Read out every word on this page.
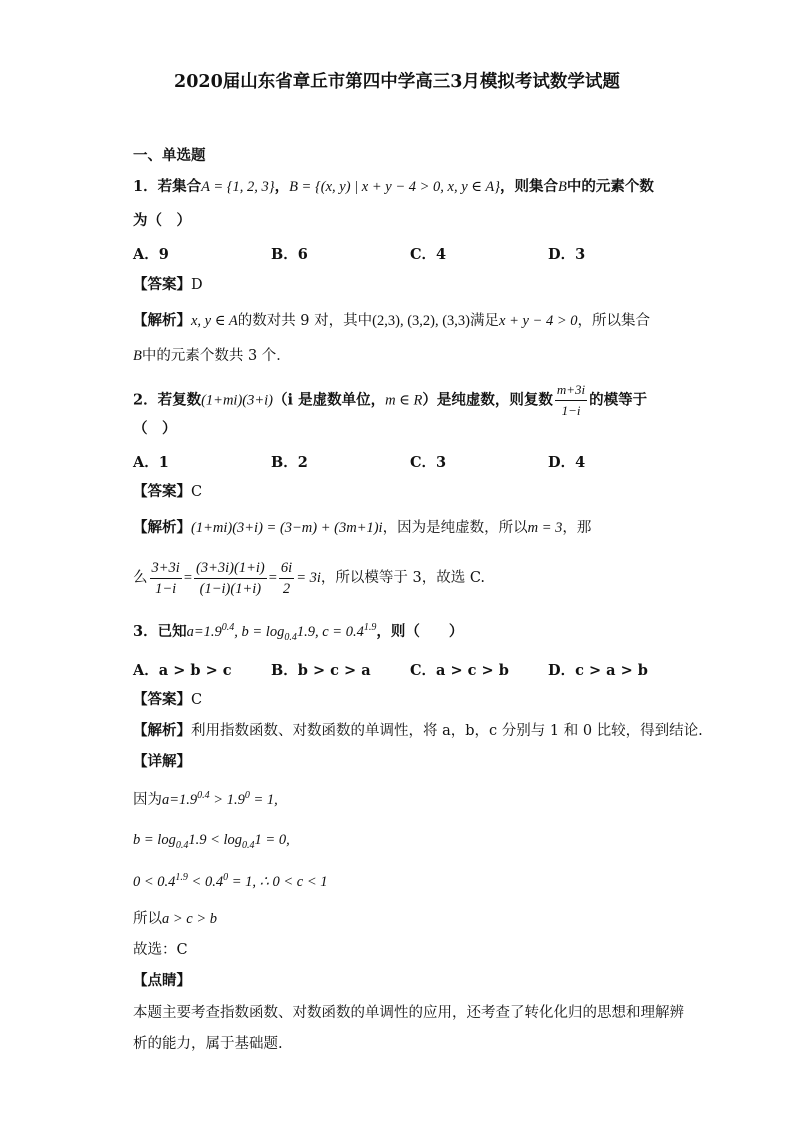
2020届山东省章丘市第四中学高三3月模拟考试数学试题
一、单选题
1．若集合A = {1, 2, 3}，B = {(x, y) | x + y − 4 > 0, x, y ∈ A}，则集合B中的元素个数
为（　）
A．9	B．6	C．4	D．3
【答案】D
【解析】x, y ∈ A的数对共 9 对，其中(2,3), (3,2), (3,3)满足x + y − 4 > 0，所以集合
B中的元素个数共 3 个．
2．若复数(1+mi)(3+i)（i 是虚数单位，m ∈ R）是纯虚数，则复数 $\frac{m+3i}{1-i}$ 的模等于
（　）
A．1	B．2	C．3	D．4
【答案】C
【解析】(1+mi)(3+i) = (3−m) + (3m+1)i，因为是纯虚数，所以m = 3，那
么 $\frac{3+3i}{1-i} = \frac{(3+3i)(1+i)}{(1-i)(1+i)} = \frac{6i}{2} = 3i$，所以模等于 3，故选 C.
3．已知$a=1.9^{0.4}$, $b = \log_{0.4}1.9$, $c = 0.4^{1.9}$，则（　　）
A．a > b > c	B．b > c > a	C．a > c > b	D．c > a > b
【答案】C
【解析】利用指数函数、对数函数的单调性，将 a，b，c 分别与 1 和 0 比较，得到结论.
【详解】
因为$a=1.9^{0.4} > 1.9^0 = 1$,
$b = \log_{0.4}1.9 < \log_{0.4}1 = 0$,
$0 < 0.4^{1.9} < 0.4^0 = 1$, ∴ 0 < c < 1
所以a > c > b
故选：C
【点睛】
本题主要考查指数函数、对数函数的单调性的应用，还考查了转化化归的思想和理解辨
析的能力，属于基础题.
